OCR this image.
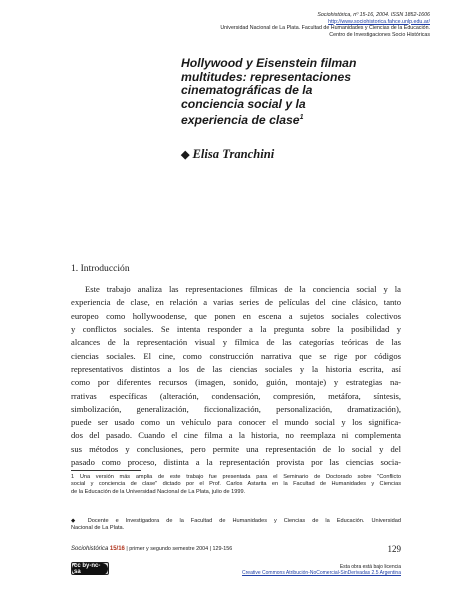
Sociohistórica, nº 15-16, 2004. ISSN 1852-1606
http://www.sociohistorica.fahce.unlp.edu.ar/
Universidad Nacional de La Plata. Facultad de Humanidades y Ciencias de la Educación.
Centro de Investigaciones Socio Históricas
Hollywood y Eisenstein filman
multitudes: representaciones
cinematográficas de la
conciencia social y la
experiencia de clase$^1$
◆ Elisa Tranchini
1. Introducción
Este trabajo analiza las representaciones fílmicas de la conciencia social y la
experiencia de clase, en relación a varias series de películas del cine clásico, tanto
europeo como hollywoodense, que ponen en escena a sujetos sociales colectivos
y conflictos sociales. Se intenta responder a la pregunta sobre la posibilidad y
alcances de la representación visual y fílmica de las categorías teóricas de las
ciencias sociales. El cine, como construcción narrativa que se rige por códigos
representativos distintos a los de las ciencias sociales y la historia escrita, así
como por diferentes recursos (imagen, sonido, guión, montaje) y estrategias na-
rrativas específicas (alteración, condensación, compresión, metáfora, síntesis,
simbolización, generalización, ficcionalización, personalización, dramatización),
puede ser usado como un vehículo para conocer el mundo social y los significa-
dos del pasado. Cuando el cine filma a la historia, no reemplaza ni complementa
sus métodos y conclusiones, pero permite una representación de lo social y del
pasado como proceso, distinta a la representación provista por las ciencias socia-
1 Una versión más amplia de este trabajo fue presentada para el Seminario de Doctorado sobre "Conflicto
social y conciencia de clase" dictado por el Prof. Carlos Astarita en la Facultad de Humanidades y Ciencias
de la Educación de la Universidad Nacional de La Plata, julio de 1999.
◆ Docente e Investigadora de la Facultad de Humanidades y Ciencias de la Educación. Universidad
Nacional de La Plata.
Sociohistórica 15/16 | primer y segundo semestre 2004 | 129-156	129
cc by-nc-sa
Esta obra está bajo licencia
Creative Commons Atribución-NoComercial-SinDerivadas 2.5 Argentina
